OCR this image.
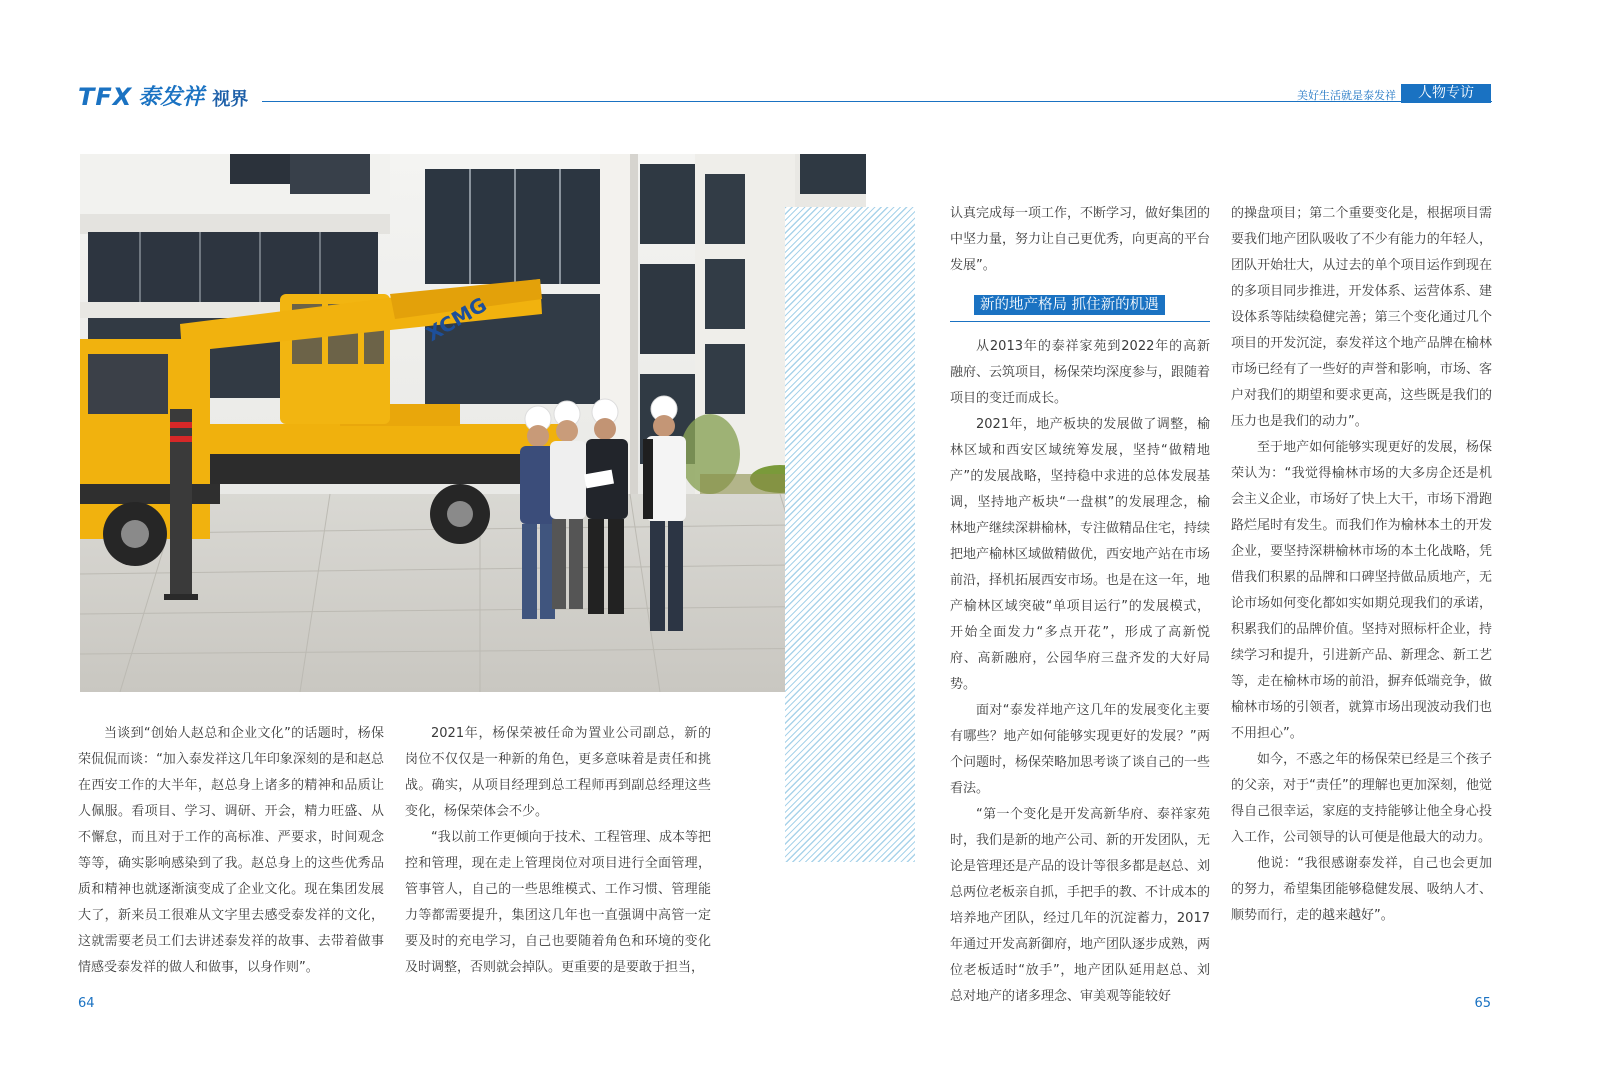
TFX 泰发祥 视界	美好生活就是泰发祥	人物专访
XCMG

当谈到“创始人赵总和企业文化”的话题时，杨保荣侃侃而谈：“加入泰发祥这几年印象深刻的是和赵总在西安工作的大半年，赵总身上诸多的精神和品质让人佩服。看项目、学习、调研、开会，精力旺盛、从不懈怠，而且对于工作的高标准、严要求，时间观念等等，确实影响感染到了我。赵总身上的这些优秀品质和精神也就逐渐演变成了企业文化。现在集团发展大了，新来员工很难从文字里去感受泰发祥的文化，这就需要老员工们去讲述泰发祥的故事、去带着做事情感受泰发祥的做人和做事，以身作则”。

2021年，杨保荣被任命为置业公司副总，新的岗位不仅仅是一种新的角色，更多意味着是责任和挑战。确实，从项目经理到总工程师再到副总经理这些变化，杨保荣体会不少。

“我以前工作更倾向于技术、工程管理、成本等把控和管理，现在走上管理岗位对项目进行全面管理，管事管人，自己的一些思维模式、工作习惯、管理能力等都需要提升，集团这几年也一直强调中高管一定要及时的充电学习，自己也要随着角色和环境的变化及时调整，否则就会掉队。更重要的是要敢于担当，

认真完成每一项工作，不断学习，做好集团的中坚力量，努力让自己更优秀，向更高的平台发展”。

新的地产格局 抓住新的机遇

从2013年的泰祥家苑到2022年的高新融府、云筑项目，杨保荣均深度参与，跟随着项目的变迁而成长。

2021年，地产板块的发展做了调整，榆林区域和西安区域统筹发展，坚持“做精地产”的发展战略，坚持稳中求进的总体发展基调，坚持地产板块“一盘棋”的发展理念，榆林地产继续深耕榆林，专注做精品住宅，持续把地产榆林区域做精做优，西安地产站在市场前沿，择机拓展西安市场。也是在这一年，地产榆林区域突破“单项目运行”的发展模式，开始全面发力“多点开花”，形成了高新悦府、高新融府，公园华府三盘齐发的大好局势。

面对“泰发祥地产这几年的发展变化主要有哪些？地产如何能够实现更好的发展？”两个问题时，杨保荣略加思考谈了谈自己的一些看法。

“第一个变化是开发高新华府、泰祥家苑时，我们是新的地产公司、新的开发团队，无论是管理还是产品的设计等很多都是赵总、刘总两位老板亲自抓，手把手的教、不计成本的培养地产团队，经过几年的沉淀蓄力，2017年通过开发高新御府，地产团队逐步成熟，两位老板适时“放手”，地产团队延用赵总、刘总对地产的诸多理念、审美观等能较好

的操盘项目；第二个重要变化是，根据项目需要我们地产团队吸收了不少有能力的年轻人，团队开始壮大，从过去的单个项目运作到现在的多项目同步推进，开发体系、运营体系、建设体系等陆续稳健完善；第三个变化通过几个项目的开发沉淀，泰发祥这个地产品牌在榆林市场已经有了一些好的声誉和影响，市场、客户对我们的期望和要求更高，这些既是我们的压力也是我们的动力”。

至于地产如何能够实现更好的发展，杨保荣认为：“我觉得榆林市场的大多房企还是机会主义企业，市场好了快上大干，市场下滑跑路烂尾时有发生。而我们作为榆林本土的开发企业，要坚持深耕榆林市场的本土化战略，凭借我们积累的品牌和口碑坚持做品质地产，无论市场如何变化都如实如期兑现我们的承诺，积累我们的品牌价值。坚持对照标杆企业，持续学习和提升，引进新产品、新理念、新工艺等，走在榆林市场的前沿，摒弃低端竞争，做榆林市场的引领者，就算市场出现波动我们也不用担心”。

如今，不惑之年的杨保荣已经是三个孩子的父亲，对于“责任”的理解也更加深刻，他觉得自己很幸运，家庭的支持能够让他全身心投入工作，公司领导的认可便是他最大的动力。

他说：“我很感谢泰发祥，自己也会更加的努力，希望集团能够稳健发展、吸纳人才、顺势而行，走的越来越好”。

64	65
